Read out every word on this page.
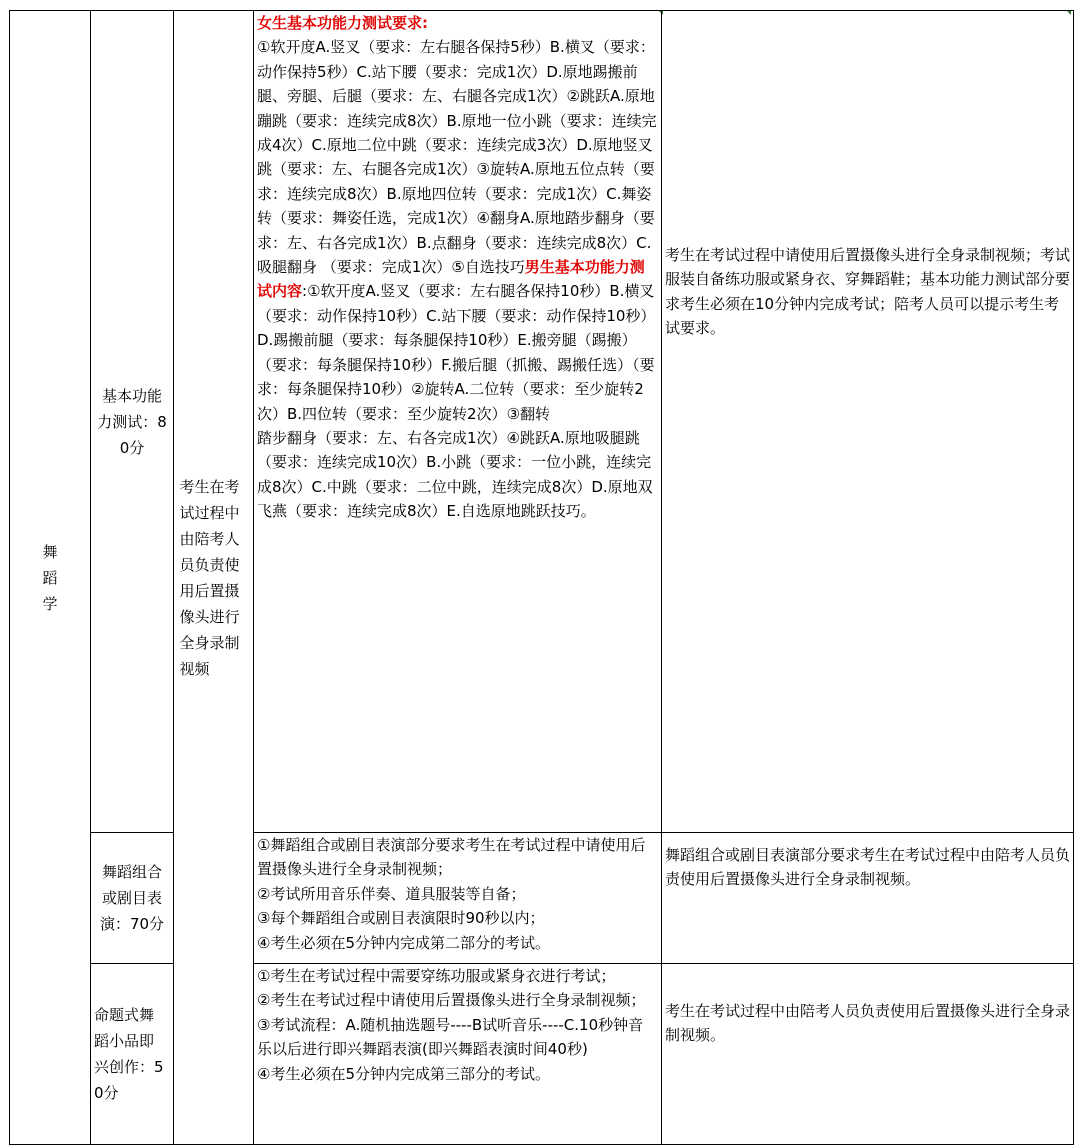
舞蹈学	基本功能力测试：80分	考生在考试过程中由陪考人员负责使用后置摄像头进行全身录制视频	女生基本功能力测试要求:
①软开度A.竖叉（要求：左右腿各保持5秒）B.横叉（要求：动作保持5秒）C.站下腰（要求：完成1次）D.原地踢搬前腿、旁腿、后腿（要求：左、右腿各完成1次）②跳跃A.原地蹦跳（要求：连续完成8次）B.原地一位小跳（要求：连续完成4次）C.原地二位中跳（要求：连续完成3次）D.原地竖叉跳（要求：左、右腿各完成1次）③旋转A.原地五位点转（要求：连续完成8次）B.原地四位转（要求：完成1次）C.舞姿转（要求：舞姿任选，完成1次）④翻身A.原地踏步翻身（要求：左、右各完成1次）B.点翻身（要求：连续完成8次）C.吸腿翻身 （要求：完成1次）⑤自选技巧男生基本功能力测试内容:①软开度A.竖叉（要求：左右腿各保持10秒）B.横叉（要求：动作保持10秒）C.站下腰（要求：动作保持10秒）D.踢搬前腿（要求：每条腿保持10秒）E.搬旁腿（踢搬）（要求：每条腿保持10秒）F.搬后腿（抓搬、踢搬任选）（要求：每条腿保持10秒）②旋转A.二位转（要求：至少旋转2次）B.四位转（要求：至少旋转2次）③翻转
踏步翻身（要求：左、右各完成1次）④跳跃A.原地吸腿跳（要求：连续完成10次）B.小跳（要求：一位小跳，连续完成8次）C.中跳（要求：二位中跳，连续完成8次）D.原地双飞燕（要求：连续完成8次）E.自选原地跳跃技巧。	考生在考试过程中请使用后置摄像头进行全身录制视频；考试服装自备练功服或紧身衣、穿舞蹈鞋；基本功能力测试部分要求考生必须在10分钟内完成考试；陪考人员可以提示考生考试要求。
	舞蹈组合或剧目表演：70分		①舞蹈组合或剧目表演部分要求考生在考试过程中请使用后置摄像头进行全身录制视频；
②考试所用音乐伴奏、道具服装等自备；
③每个舞蹈组合或剧目表演限时90秒以内；
④考生必须在5分钟内完成第二部分的考试。	舞蹈组合或剧目表演部分要求考生在考试过程中由陪考人员负责使用后置摄像头进行全身录制视频。
	命题式舞蹈小品即兴创作：50分		①考生在考试过程中需要穿练功服或紧身衣进行考试；
②考生在考试过程中请使用后置摄像头进行全身录制视频；
③考试流程：A.随机抽选题号----B试听音乐----C.10秒钟音乐以后进行即兴舞蹈表演(即兴舞蹈表演时间40秒)
④考生必须在5分钟内完成第三部分的考试。	考生在考试过程中由陪考人员负责使用后置摄像头进行全身录制视频。
